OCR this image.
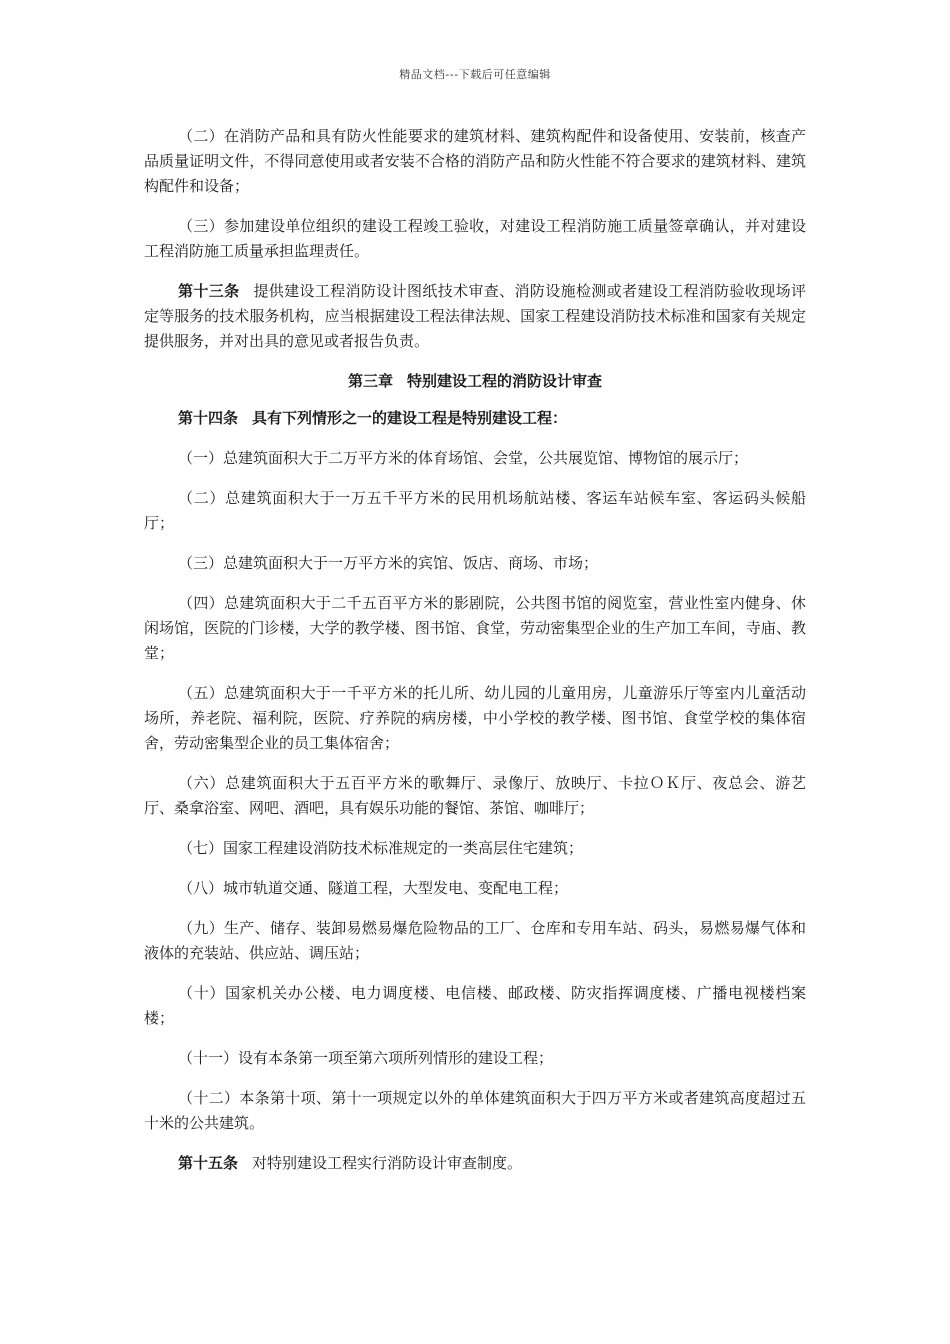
精品文档---下载后可任意编辑

（二）在消防产品和具有防火性能要求的建筑材料、建筑构配件和设备使用、安装前，核查产品质量证明文件，不得同意使用或者安装不合格的消防产品和防火性能不符合要求的建筑材料、建筑构配件和设备；

（三）参加建设单位组织的建设工程竣工验收，对建设工程消防施工质量签章确认，并对建设工程消防施工质量承担监理责任。

第十三条 提供建设工程消防设计图纸技术审查、消防设施检测或者建设工程消防验收现场评定等服务的技术服务机构，应当根据建设工程法律法规、国家工程建设消防技术标准和国家有关规定提供服务，并对出具的意见或者报告负责。

第三章 特别建设工程的消防设计审查

第十四条 具有下列情形之一的建设工程是特别建设工程：

（一）总建筑面积大于二万平方米的体育场馆、会堂，公共展览馆、博物馆的展示厅；

（二）总建筑面积大于一万五千平方米的民用机场航站楼、客运车站候车室、客运码头候船厅；

（三）总建筑面积大于一万平方米的宾馆、饭店、商场、市场；

（四）总建筑面积大于二千五百平方米的影剧院，公共图书馆的阅览室，营业性室内健身、休闲场馆，医院的门诊楼，大学的教学楼、图书馆、食堂，劳动密集型企业的生产加工车间，寺庙、教堂；

（五）总建筑面积大于一千平方米的托儿所、幼儿园的儿童用房，儿童游乐厅等室内儿童活动场所，养老院、福利院，医院、疗养院的病房楼，中小学校的教学楼、图书馆、食堂学校的集体宿舍，劳动密集型企业的员工集体宿舍；

（六）总建筑面积大于五百平方米的歌舞厅、录像厅、放映厅、卡拉ＯＫ厅、夜总会、游艺厅、桑拿浴室、网吧、酒吧，具有娱乐功能的餐馆、茶馆、咖啡厅；

（七）国家工程建设消防技术标准规定的一类高层住宅建筑；

（八）城市轨道交通、隧道工程，大型发电、变配电工程；

（九）生产、储存、装卸易燃易爆危险物品的工厂、仓库和专用车站、码头，易燃易爆气体和液体的充装站、供应站、调压站；

（十）国家机关办公楼、电力调度楼、电信楼、邮政楼、防灾指挥调度楼、广播电视楼档案楼；

（十一）设有本条第一项至第六项所列情形的建设工程；

（十二）本条第十项、第十一项规定以外的单体建筑面积大于四万平方米或者建筑高度超过五十米的公共建筑。

第十五条 对特别建设工程实行消防设计审查制度。
